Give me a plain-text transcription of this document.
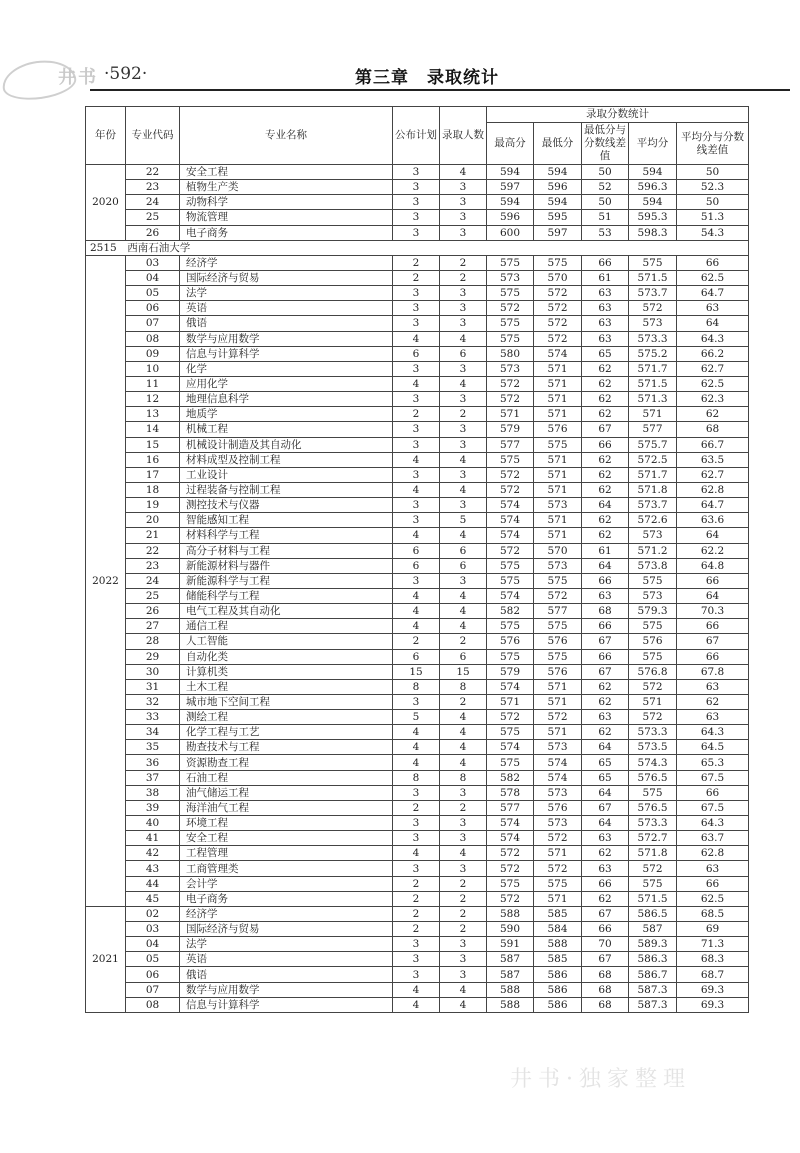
井书 ·592·	第三章　录取统计
年份	专业代码	专业名称	公布计划	录取人数	录取分数统计				
					最高分	最低分	最低分与分数线差值	平均分	平均分与分数线差值
2020	22	安全工程	3	4	594	594	50	594	50
	23	植物生产类	3	3	597	596	52	596.3	52.3
	24	动物科学	3	3	594	594	50	594	50
	25	物流管理	3	3	596	595	51	595.3	51.3
	26	电子商务	3	3	600	597	53	598.3	54.3
2515　西南石油大学									
2022	03	经济学	2	2	575	575	66	575	66
	04	国际经济与贸易	2	2	573	570	61	571.5	62.5
	05	法学	3	3	575	572	63	573.7	64.7
	06	英语	3	3	572	572	63	572	63
	07	俄语	3	3	575	572	63	573	64
	08	数学与应用数学	4	4	575	572	63	573.3	64.3
	09	信息与计算科学	6	6	580	574	65	575.2	66.2
	10	化学	3	3	573	571	62	571.7	62.7
	11	应用化学	4	4	572	571	62	571.5	62.5
	12	地理信息科学	3	3	572	571	62	571.3	62.3
	13	地质学	2	2	571	571	62	571	62
	14	机械工程	3	3	579	576	67	577	68
	15	机械设计制造及其自动化	3	3	577	575	66	575.7	66.7
	16	材料成型及控制工程	4	4	575	571	62	572.5	63.5
	17	工业设计	3	3	572	571	62	571.7	62.7
	18	过程装备与控制工程	4	4	572	571	62	571.8	62.8
	19	测控技术与仪器	3	3	574	573	64	573.7	64.7
	20	智能感知工程	3	5	574	571	62	572.6	63.6
	21	材料科学与工程	4	4	574	571	62	573	64
	22	高分子材料与工程	6	6	572	570	61	571.2	62.2
	23	新能源材料与器件	6	6	575	573	64	573.8	64.8
	24	新能源科学与工程	3	3	575	575	66	575	66
	25	储能科学与工程	4	4	574	572	63	573	64
	26	电气工程及其自动化	4	4	582	577	68	579.3	70.3
	27	通信工程	4	4	575	575	66	575	66
	28	人工智能	2	2	576	576	67	576	67
	29	自动化类	6	6	575	575	66	575	66
	30	计算机类	15	15	579	576	67	576.8	67.8
	31	土木工程	8	8	574	571	62	572	63
	32	城市地下空间工程	3	2	571	571	62	571	62
	33	测绘工程	5	4	572	572	63	572	63
	34	化学工程与工艺	4	4	575	571	62	573.3	64.3
	35	勘查技术与工程	4	4	574	573	64	573.5	64.5
	36	资源勘查工程	4	4	575	574	65	574.3	65.3
	37	石油工程	8	8	582	574	65	576.5	67.5
	38	油气储运工程	3	3	578	573	64	575	66
	39	海洋油气工程	2	2	577	576	67	576.5	67.5
	40	环境工程	3	3	574	573	64	573.3	64.3
	41	安全工程	3	3	574	572	63	572.7	63.7
	42	工程管理	4	4	572	571	62	571.8	62.8
	43	工商管理类	3	3	572	572	63	572	63
	44	会计学	2	2	575	575	66	575	66
	45	电子商务	2	2	572	571	62	571.5	62.5
2021	02	经济学	2	2	588	585	67	586.5	68.5
	03	国际经济与贸易	2	2	590	584	66	587	69
	04	法学	3	3	591	588	70	589.3	71.3
	05	英语	3	3	587	585	67	586.3	68.3
	06	俄语	3	3	587	586	68	586.7	68.7
	07	数学与应用数学	4	4	588	586	68	587.3	69.3
	08	信息与计算科学	4	4	588	586	68	587.3	69.3
井书·独家整理
